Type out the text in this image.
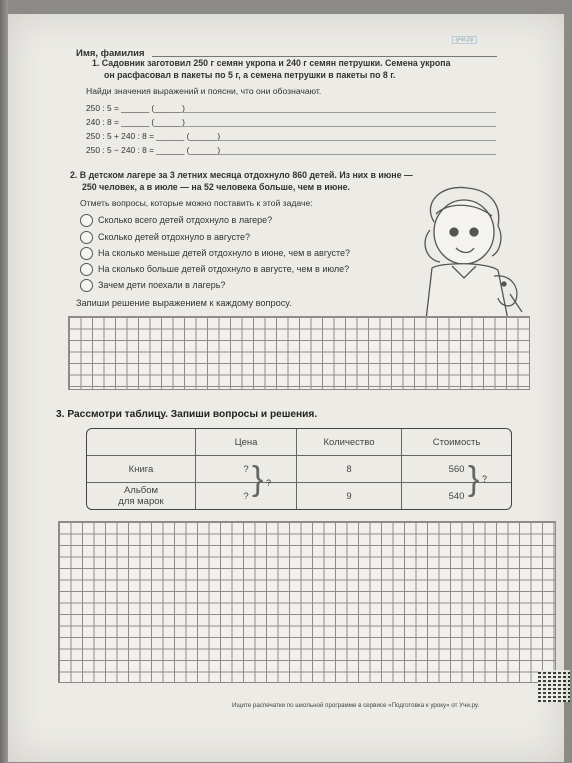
Имя, фамилия
учи.ру
1. Садовник заготовил 250 г семян укропа и 240 г семян петрушки. Семена укропа
он расфасовал в пакеты по 5 г, а семена петрушки в пакеты по 8 г.
Найди значения выражений и поясни, что они обозначают.
250 : 5 = ______ (______)
240 : 8 = ______ (______)
250 : 5 + 240 : 8 = ______ (______)
250 : 5 − 240 : 8 = ______ (______)
2. В детском лагере за 3 летних месяца отдохнуло 860 детей. Из них в июне —
250 человек, а в июле — на 52 человека больше, чем в июне.
Отметь вопросы, которые можно поставить к этой задаче:
Сколько всего детей отдохнуло в лагере?
Сколько детей отдохнуло в августе?
На сколько меньше детей отдохнуло в июне, чем в августе?
На сколько больше детей отдохнуло в августе, чем в июле?
Зачем дети поехали в лагерь?
Запиши решение выражением к каждому вопросу.
3. Рассмотри таблицу. Запиши вопросы и решения.
	Цена	Количество	Стоимость
Книга	?	8	560
Альбом
для марок	?	9	540
} ?	} ?
Ищите распечатки по школьной программе в сервисе «Подготовка к уроку» от Учи.ру.
